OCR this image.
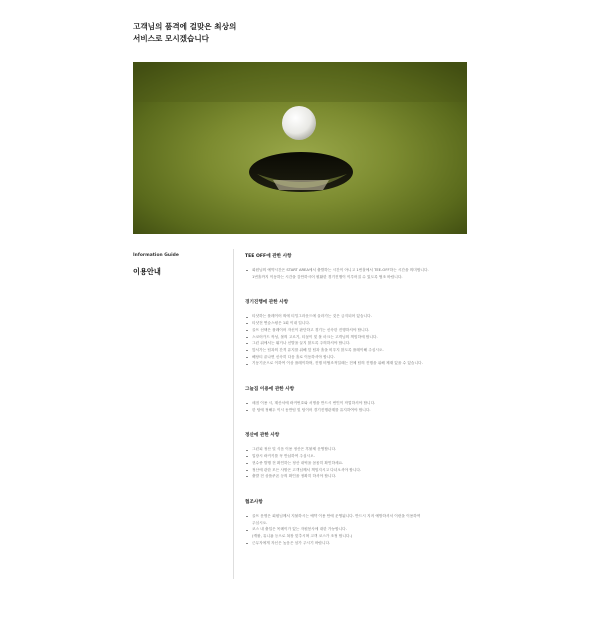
고객님의 품격에 걸맞은 최상의
서비스로 모시겠습니다
Information Guide
이용안내
TEE OFF에 관한 사항
회원님의 예약시간은 START AREA에서 출발하는 시간이 아니고 1번홀에서 TEE-OFF하는 시간을 의미합니다.
1번홀까지 이동하는 시간을 감안하시어 원활한 경기진행이 이루어질 수 있도록 협조 바랍니다.
경기진행에 관한 사항
티샷하는 플레이어 외에 티잉그라운드에 올라가는 것은 금지되어 있습니다.
티샷전 연습스윙은 1회 이내 입니다.
골프 선택은 플레이어 자신이 판단하고 경기는 신속한 진행하셔야 합니다.
스코어카드 작성, 볼의 고르기, 티꽂이 및 볼 마크는 고객님의 책임하에 합니다.
그린 위에서는 뛰거나 신발을 끌지 않도록 주의하셔야 합니다.
앞서가는 팀과의 간격 유지를 위해 앞 팀과 홀을 비우지 않도록 플레이해 주십시오.
해당티 끝나면 신속히 다음 홀로 이동하셔야 합니다.
기동기준으로 이하여 이상 플레이하며, 진행 비협조적일때는 전체 팀의 진행을 위해 제재 있을 수 있습니다.
그늘집 이용에 관한 사항
매점 이용 시, 계산서에 락커번호와 서명을 반드시 번인이 작업하셔야 합니다.
한 팀에 정해두 이시 동반팀 및 팀이어 경기진행관계를 유지하여야 합니다.
정산에 관한 사항
그린피 정산 및 식음 이용 정산은 후불제 운영합니다.
입장시 락커키를 꼭 반납하여 주십시오.
현수증 발행 전 확인하는 정산 내역을 꼼꼼히 확인하세요.
정산에 관한 모든 사항은 고객님께서 책임지시고 다녀오셔야 합니다.
출발 전 상품쿠폰 등의 확인을 정확히 하셔야 합니다.
협조사항
골프 문명은 회원님께서 지불하시는 예약 이용 안에 운영됩니다. 반드시 지켜 예방하셔서 이런을 이용하여
주십시오.
코스 내 출입은 목례이가 있는 자원봉사에 대한 가능합니다.
(캐불, 유니폼 등으로 복장 맞추시며 고객 코스가 조정 합니다.)
근무자에게 자신은 높음은 삼가 주시기 바랍니다.
